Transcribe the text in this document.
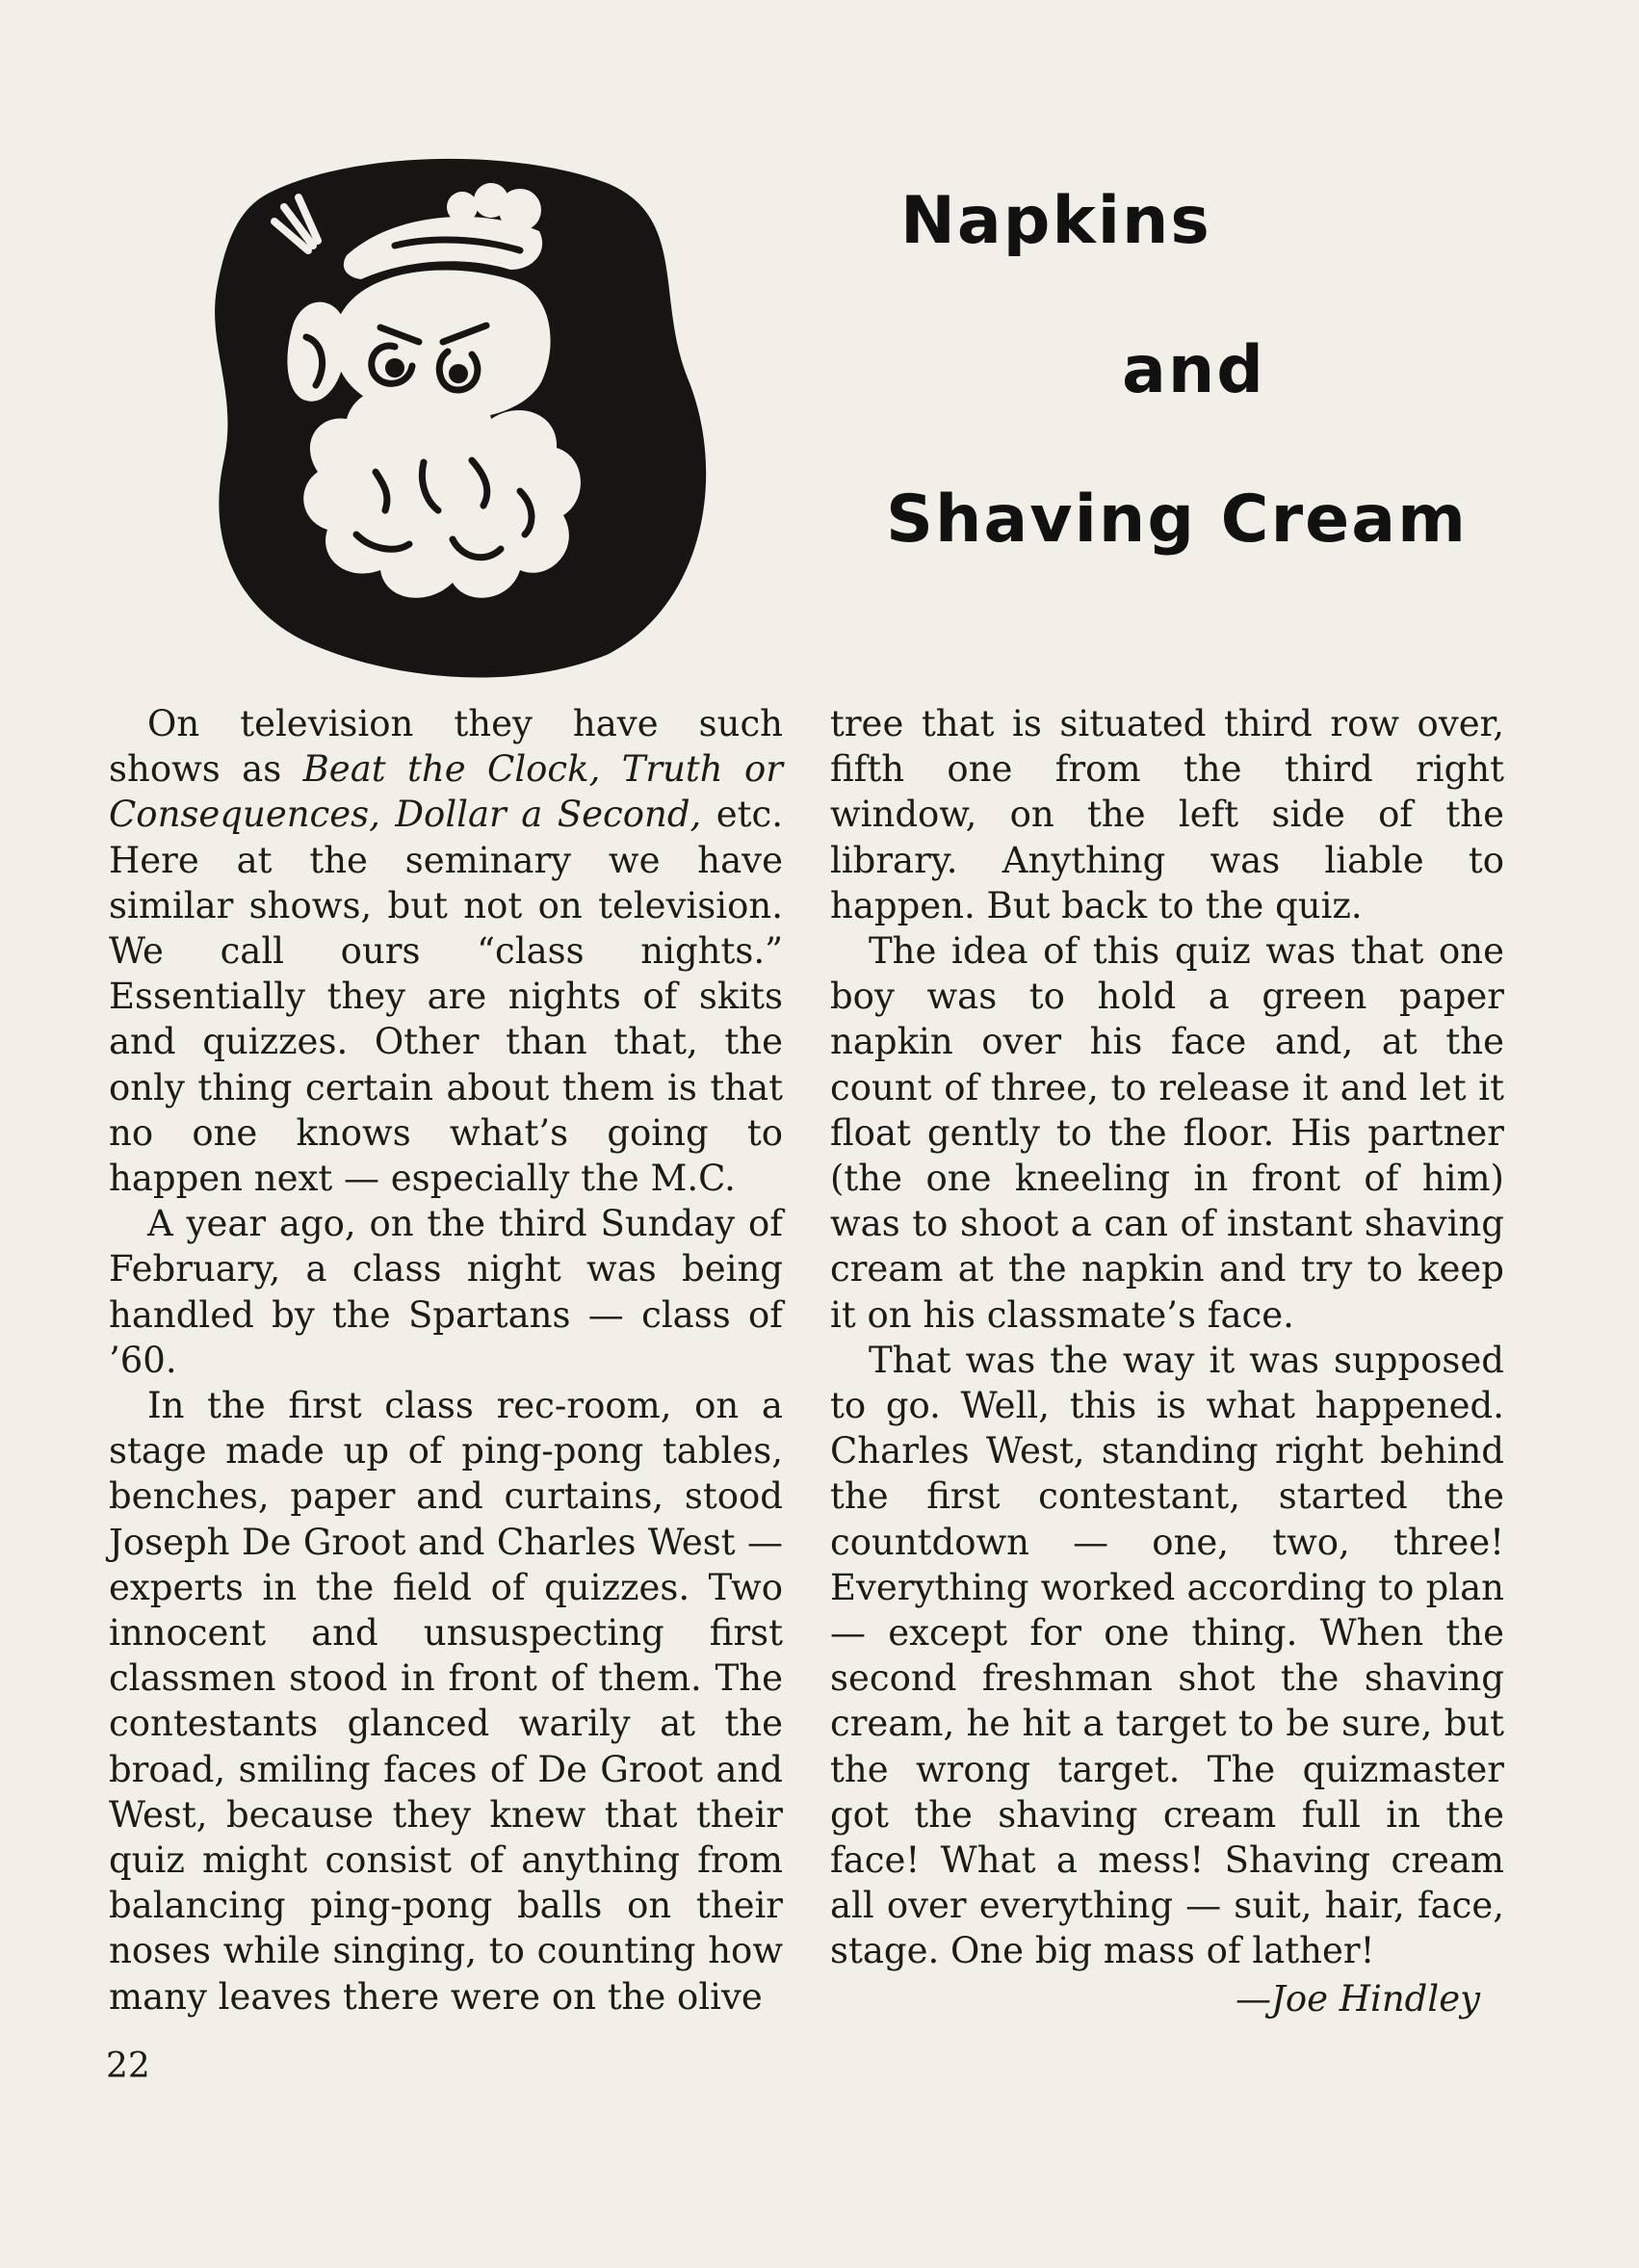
Napkins
and
Shaving Cream

On television they have such shows as Beat the Clock, Truth or Consequences, Dollar a Second, etc. Here at the seminary we have similar shows, but not on television. We call ours “class nights.” Essentially they are nights of skits and quizzes. Other than that, the only thing certain about them is that no one knows what’s going to happen next — especially the M.C.

A year ago, on the third Sunday of February, a class night was being handled by the Spartans — class of ’60.

In the first class rec-room, on a stage made up of ping-pong tables, benches, paper and curtains, stood Joseph De Groot and Charles West — experts in the field of quizzes. Two innocent and unsuspecting first classmen stood in front of them. The contestants glanced warily at the broad, smiling faces of De Groot and West, because they knew that their quiz might consist of anything from balancing ping-pong balls on their noses while singing, to counting how many leaves there were on the olive

tree that is situated third row over, fifth one from the third right window, on the left side of the library. Anything was liable to happen. But back to the quiz.

The idea of this quiz was that one boy was to hold a green paper napkin over his face and, at the count of three, to release it and let it float gently to the floor. His partner (the one kneeling in front of him) was to shoot a can of instant shaving cream at the napkin and try to keep it on his classmate’s face.

That was the way it was supposed to go. Well, this is what happened. Charles West, standing right behind the first contestant, started the countdown — one, two, three! Everything worked according to plan — except for one thing. When the second freshman shot the shaving cream, he hit a target to be sure, but the wrong target. The quizmaster got the shaving cream full in the face! What a mess! Shaving cream all over everything — suit, hair, face, stage. One big mass of lather!

—Joe Hindley
22
